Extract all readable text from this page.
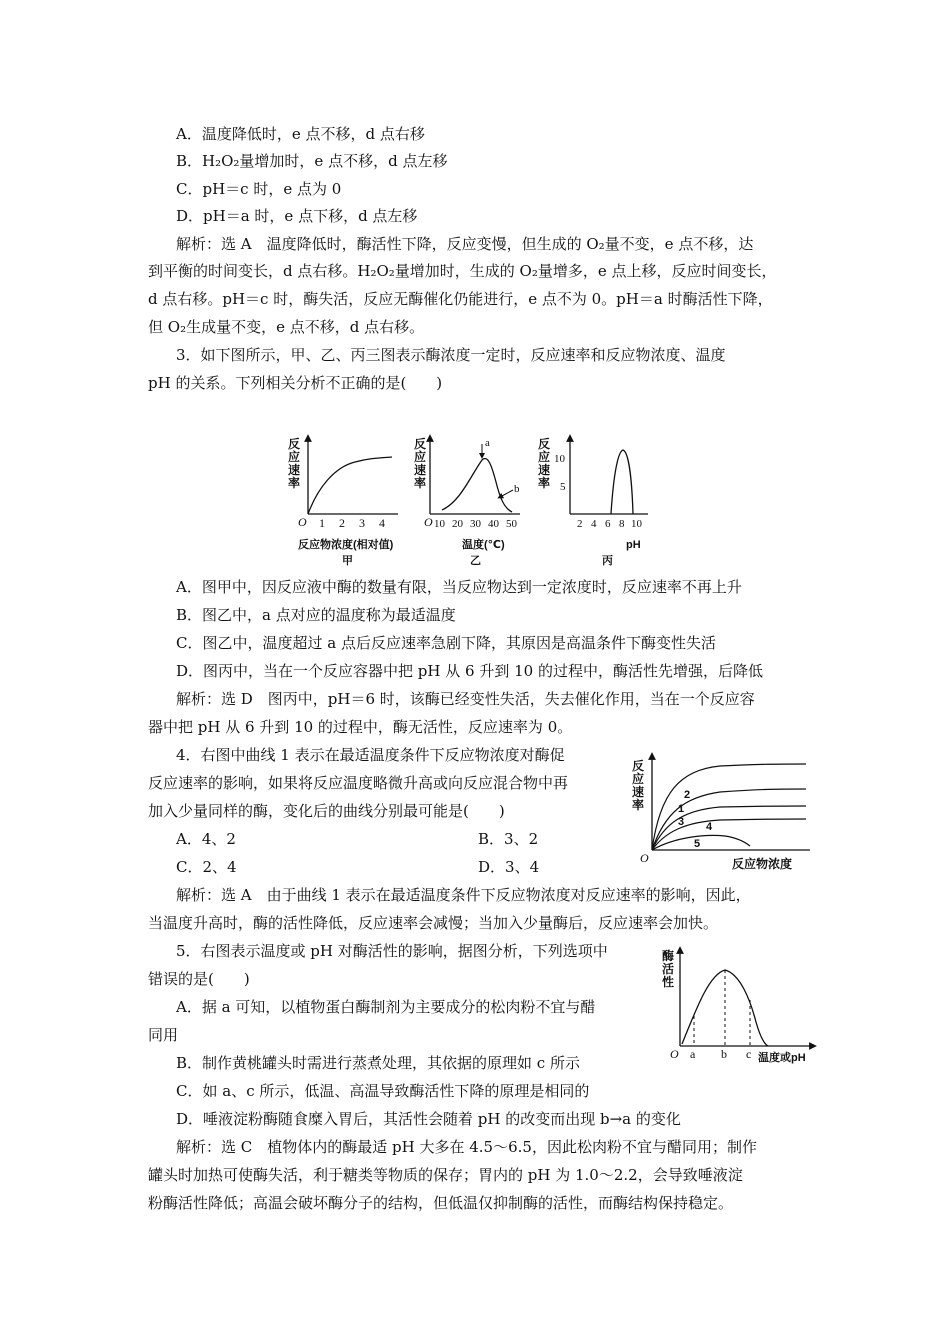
A．温度降低时，e 点不移，d 点右移
B．H₂O₂量增加时，e 点不移，d 点左移
C．pH＝c 时，e 点为 0
D．pH＝a 时，e 点下移，d 点左移
解析：选 A　温度降低时，酶活性下降，反应变慢，但生成的 O₂量不变，e 点不移，达
到平衡的时间变长，d 点右移。H₂O₂量增加时，生成的 O₂量增多，e 点上移，反应时间变长，
d 点右移。pH＝c 时，酶失活，反应无酶催化仍能进行，e 点不为 0。pH＝a 时酶活性下降，
但 O₂生成量不变，e 点不移，d 点右移。
3．如下图所示，甲、乙、丙三图表示酶浓度一定时，反应速率和反应物浓度、温度
pH 的关系。下列相关分析不正确的是(　　)
反
应
速
率
O 1 2 3 4
反应物浓度(相对值)
甲
反
应
速
率
a
b
O 10 20 30 40 50
温度(℃)
乙
反
应
速
率
10
5
2 4 6 8 10
pH
丙
A．图甲中，因反应液中酶的数量有限，当反应物达到一定浓度时，反应速率不再上升
B．图乙中，a 点对应的温度称为最适温度
C．图乙中，温度超过 a 点后反应速率急剧下降，其原因是高温条件下酶变性失活
D．图丙中，当在一个反应容器中把 pH 从 6 升到 10 的过程中，酶活性先增强，后降低
解析：选 D　图丙中，pH＝6 时，该酶已经变性失活，失去催化作用，当在一个反应容
器中把 pH 从 6 升到 10 的过程中，酶无活性，反应速率为 0。
4．右图中曲线 1 表示在最适温度条件下反应物浓度对酶促
反应速率的影响，如果将反应温度略微升高或向反应混合物中再
加入少量同样的酶，变化后的曲线分别最可能是(　　)
A．4、2	B．3、2
C．2、4	D．3、4
反
应
速
率
2
1
3 4
5
O	反应物浓度
解析：选 A　由于曲线 1 表示在最适温度条件下反应物浓度对反应速率的影响，因此，
当温度升高时，酶的活性降低，反应速率会减慢；当加入少量酶后，反应速率会加快。
5．右图表示温度或 pH 对酶活性的影响，据图分析，下列选项中
错误的是(　　)
A．据 a 可知，以植物蛋白酶制剂为主要成分的松肉粉不宜与醋
同用
B．制作黄桃罐头时需进行蒸煮处理，其依据的原理如 c 所示
C．如 a、c 所示，低温、高温导致酶活性下降的原理是相同的
D．唾液淀粉酶随食糜入胃后，其活性会随着 pH 的改变而出现 b→a 的变化
酶
活
性
O a b c 温度或pH
解析：选 C　植物体内的酶最适 pH 大多在 4.5～6.5，因此松肉粉不宜与醋同用；制作
罐头时加热可使酶失活，利于糖类等物质的保存；胃内的 pH 为 1.0～2.2，会导致唾液淀
粉酶活性降低；高温会破坏酶分子的结构，但低温仅抑制酶的活性，而酶结构保持稳定。
